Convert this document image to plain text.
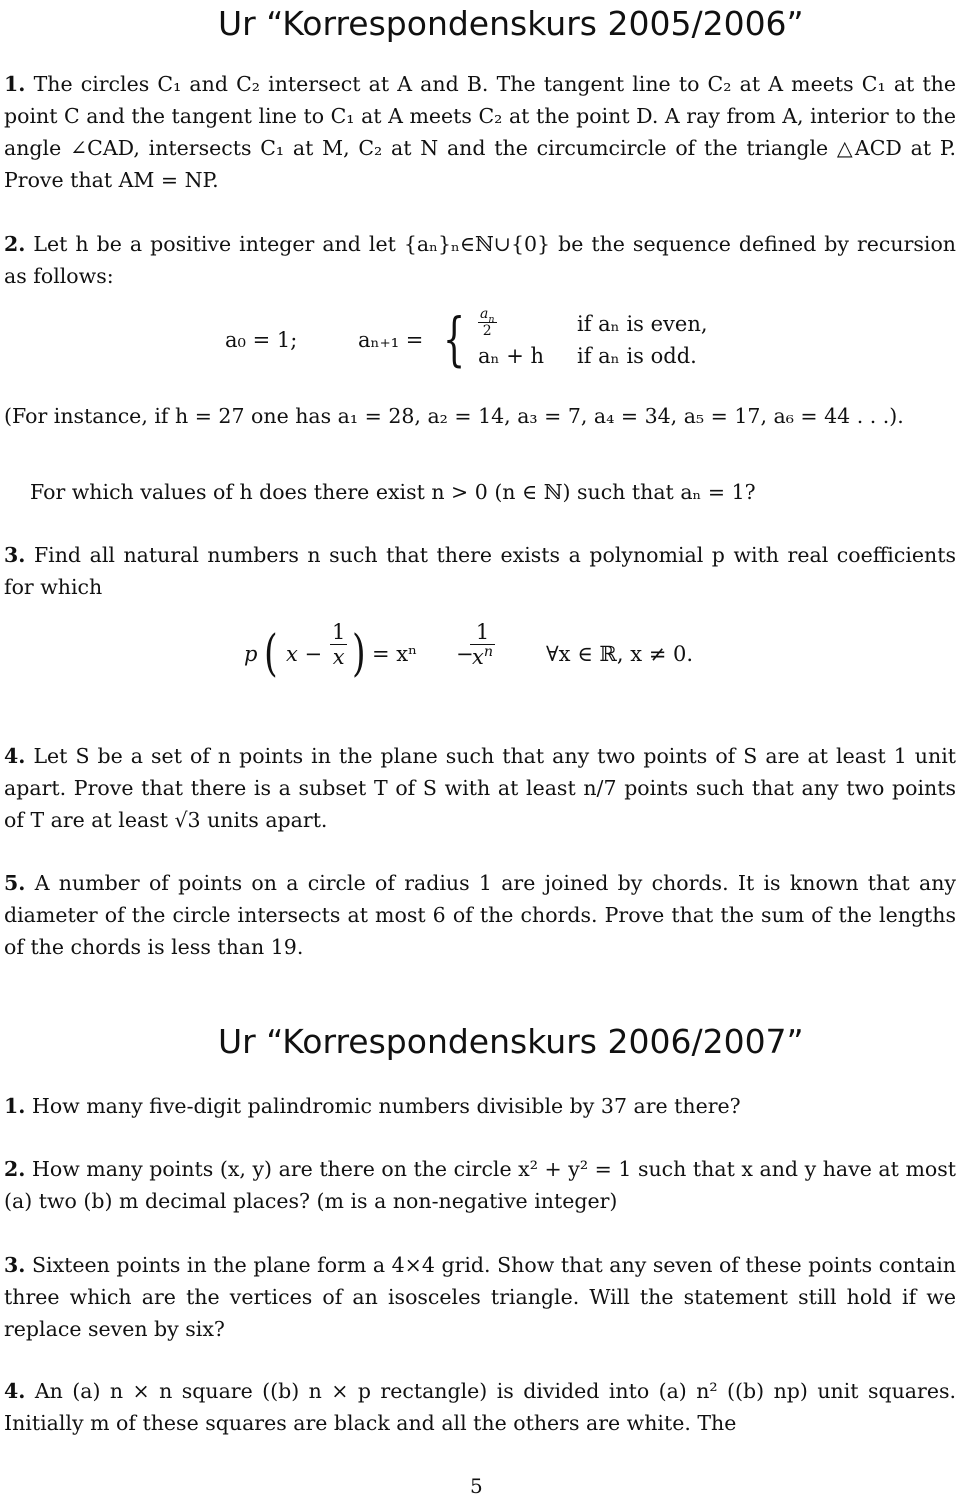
Ur “Korrespondenskurs 2005/2006”

1. The circles C₁ and C₂ intersect at A and B. The tangent line to C₂ at A meets C₁ at the point C and the tangent line to C₁ at A meets C₂ at the point D. A ray from A, interior to the angle ∠CAD, intersects C₁ at M, C₂ at N and the circumcircle of the triangle △ACD at P. Prove that AM = NP.

2. Let h be a positive integer and let {aₙ}ₙ∈ℕ∪{0} be the sequence defined by recursion as follows:

a₀ = 1;	aₙ₊₁ = { $\frac{a_n}{2}$	if aₙ is even,
aₙ + h if aₙ is odd.

(For instance, if h = 27 one has a₁ = 28, a₂ = 14, a₃ = 7, a₄ = 34, a₅ = 17, a₆ = 44 . . .).

For which values of h does there exist n > 0 (n ∈ ℕ) such that aₙ = 1?

3. Find all natural numbers n such that there exists a polynomial p with real coefficients for which

p ( $x - \frac{1}{x}$ ) = xⁿ −
$\frac{1}{x^n}$ ∀x ∈ ℝ, x ≠ 0.

4. Let S be a set of n points in the plane such that any two points of S are at least 1 unit apart. Prove that there is a subset T of S with at least n/7 points such that any two points of T are at least √3 units apart.

5. A number of points on a circle of radius 1 are joined by chords. It is known that any diameter of the circle intersects at most 6 of the chords. Prove that the sum of the lengths of the chords is less than 19.

Ur “Korrespondenskurs 2006/2007”

1. How many five-digit palindromic numbers divisible by 37 are there?

2. How many points (x, y) are there on the circle x² + y² = 1 such that x and y have at most (a) two (b) m decimal places? (m is a non-negative integer)

3. Sixteen points in the plane form a 4×4 grid. Show that any seven of these points contain three which are the vertices of an isosceles triangle. Will the statement still hold if we replace seven by six?

4. An (a) n × n square ((b) n × p rectangle) is divided into (a) n² ((b) np) unit squares. Initially m of these squares are black and all the others are white. The

5
